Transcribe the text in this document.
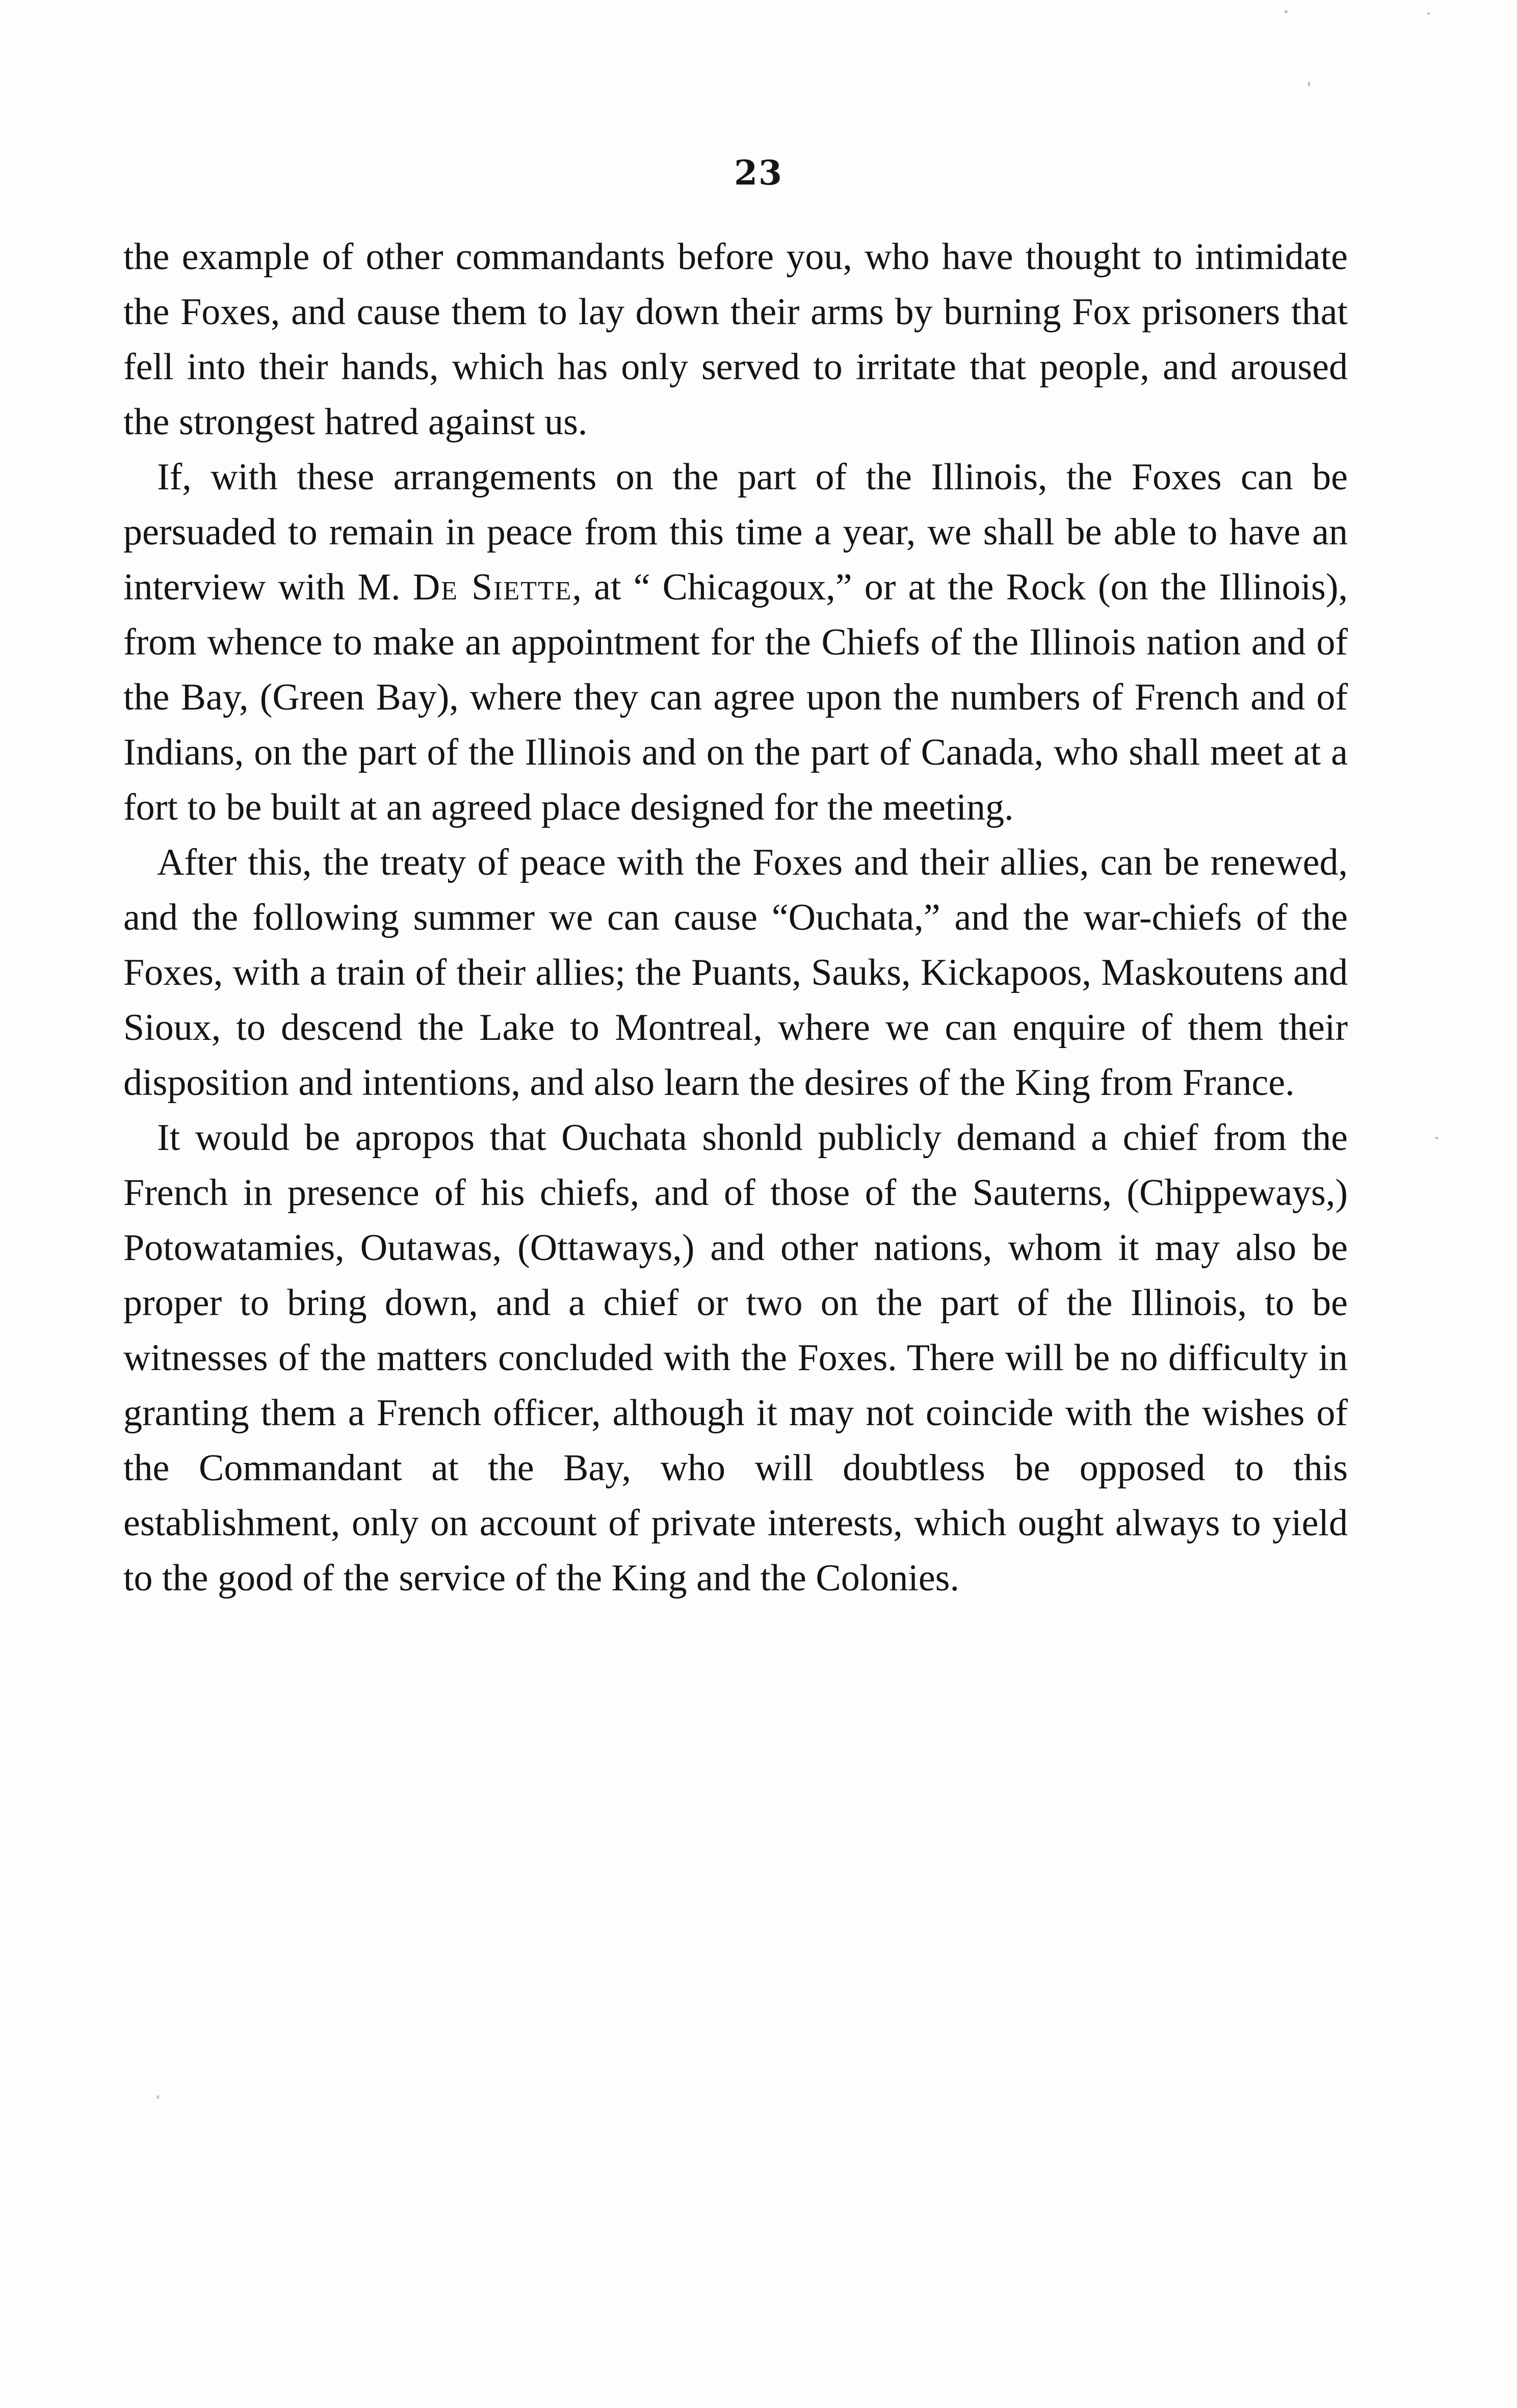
23

the example of other commandants before you, who have thought to intimidate the Foxes, and cause them to lay down their arms by burning Fox prisoners that fell into their hands, which has only served to irritate that people, and aroused the strongest hatred against us.

If, with these arrangements on the part of the Illinois, the Foxes can be persuaded to remain in peace from this time a year, we shall be able to have an interview with M. De Siette, at “ Chicagoux,” or at the Rock (on the Illinois), from whence to make an appointment for the Chiefs of the Illinois nation and of the Bay, (Green Bay), where they can agree upon the numbers of French and of Indians, on the part of the Illinois and on the part of Canada, who shall meet at a fort to be built at an agreed place designed for the meeting.

After this, the treaty of peace with the Foxes and their allies, can be renewed, and the following summer we can cause “Ouchata,” and the war-chiefs of the Foxes, with a train of their allies; the Puants, Sauks, Kickapoos, Maskoutens and Sioux, to descend the Lake to Montreal, where we can enquire of them their disposition and intentions, and also learn the desires of the King from France.

It would be apropos that Ouchata shonld publicly demand a chief from the French in presence of his chiefs, and of those of the Sauterns, (Chippeways,) Potowatamies, Outawas, (Ottaways,) and other nations, whom it may also be proper to bring down, and a chief or two on the part of the Illinois, to be witnesses of the matters concluded with the Foxes. There will be no difficulty in granting them a French officer, although it may not coincide with the wishes of the Commandant at the Bay, who will doubtless be opposed to this establishment, only on account of private interests, which ought always to yield to the good of the service of the King and the Colonies.
